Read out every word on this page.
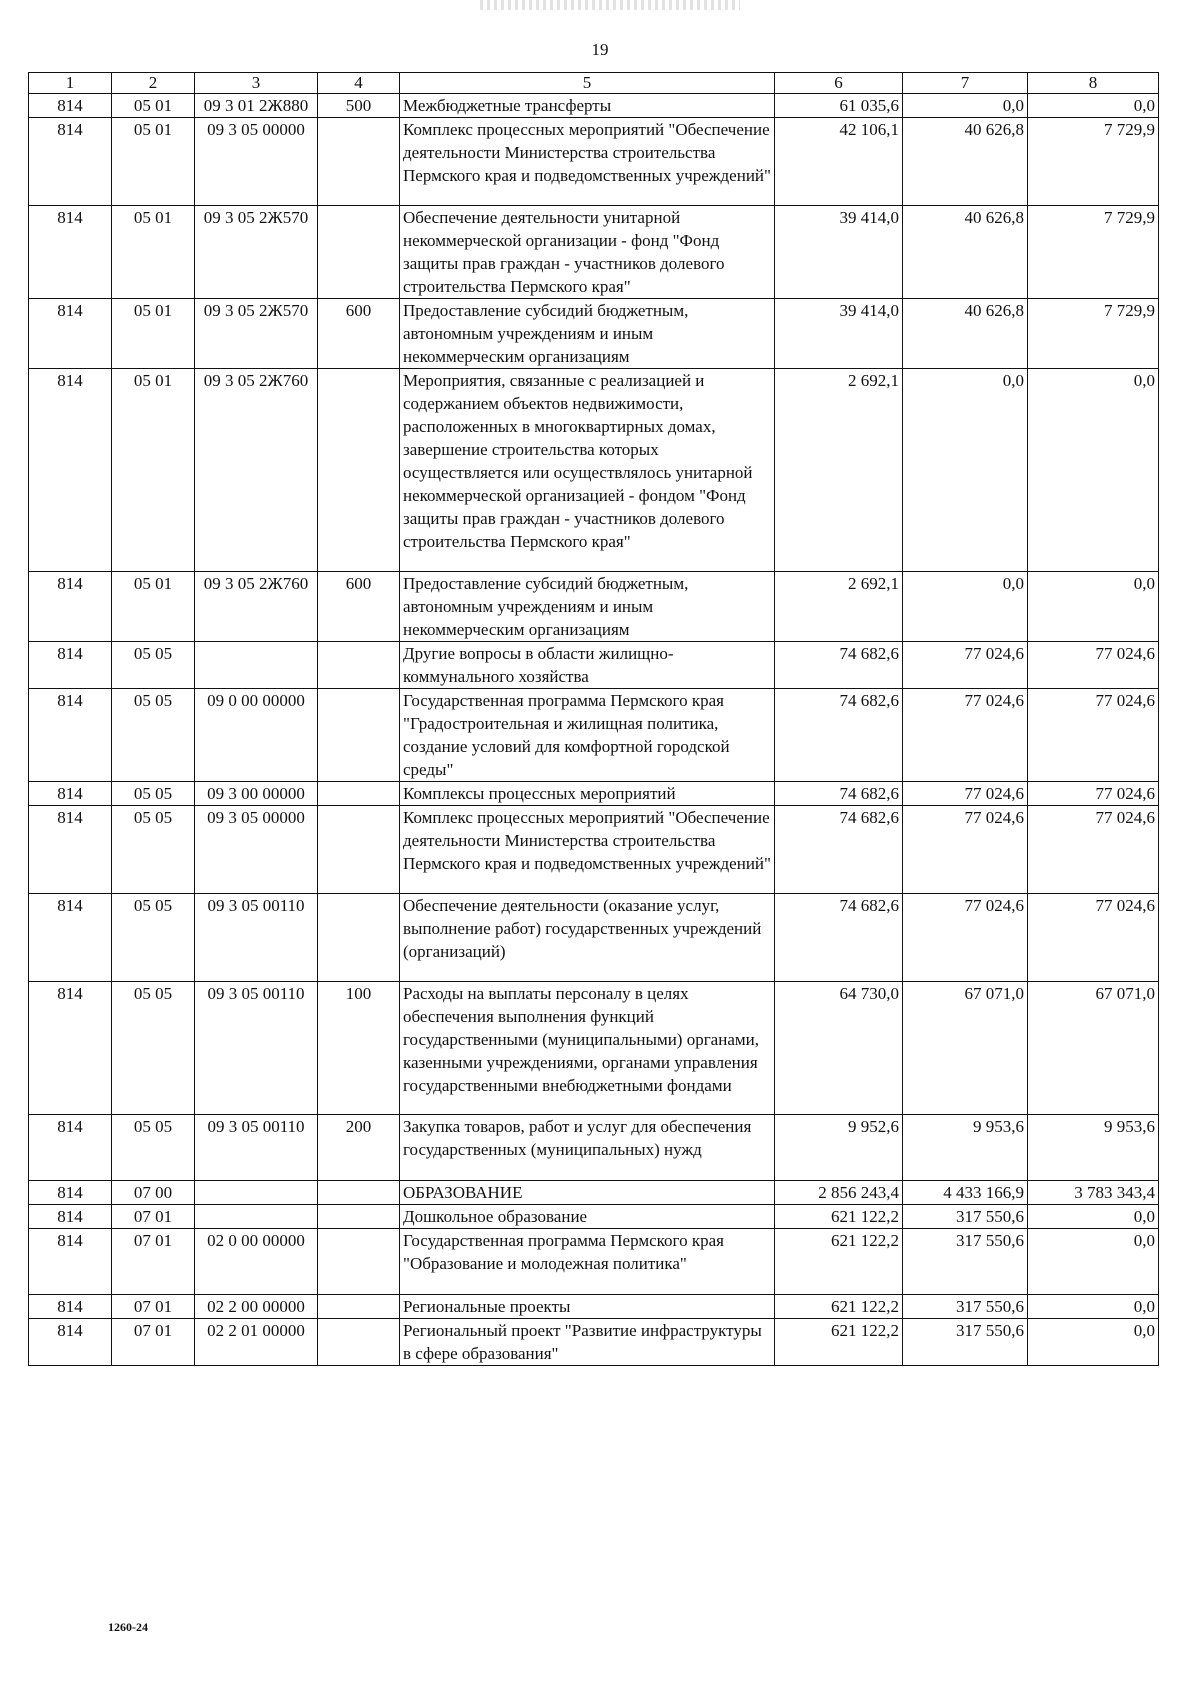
19
1	2	3	4	5	6	7	8
814	05 01	09 3 01 2Ж880	500	Межбюджетные трансферты	61 035,6	0,0	0,0
814	05 01	09 3 05 00000		Комплекс процессных мероприятий "Обеспечение деятельности Министерства строительства Пермского края и подведомственных учреждений"	42 106,1	40 626,8	7 729,9
814	05 01	09 3 05 2Ж570		Обеспечение деятельности унитарной некоммерческой организации - фонд "Фонд защиты прав граждан - участников долевого строительства Пермского края"	39 414,0	40 626,8	7 729,9
814	05 01	09 3 05 2Ж570	600	Предоставление субсидий бюджетным, автономным учреждениям и иным некоммерческим организациям	39 414,0	40 626,8	7 729,9
814	05 01	09 3 05 2Ж760		Мероприятия, связанные с реализацией и содержанием объектов недвижимости, расположенных в многоквартирных домах, завершение строительства которых осуществляется или осуществлялось унитарной некоммерческой организацией - фондом "Фонд защиты прав граждан - участников долевого строительства Пермского края"	2 692,1	0,0	0,0
814	05 01	09 3 05 2Ж760	600	Предоставление субсидий бюджетным, автономным учреждениям и иным некоммерческим организациям	2 692,1	0,0	0,0
814	05 05			Другие вопросы в области жилищно-коммунального хозяйства	74 682,6	77 024,6	77 024,6
814	05 05	09 0 00 00000		Государственная программа Пермского края "Градостроительная и жилищная политика, создание условий для комфортной городской среды"	74 682,6	77 024,6	77 024,6
814	05 05	09 3 00 00000		Комплексы процессных мероприятий	74 682,6	77 024,6	77 024,6
814	05 05	09 3 05 00000		Комплекс процессных мероприятий "Обеспечение деятельности Министерства строительства Пермского края и подведомственных учреждений"	74 682,6	77 024,6	77 024,6
814	05 05	09 3 05 00110		Обеспечение деятельности (оказание услуг, выполнение работ) государственных учреждений (организаций)	74 682,6	77 024,6	77 024,6
814	05 05	09 3 05 00110	100	Расходы на выплаты персоналу в целях обеспечения выполнения функций государственными (муниципальными) органами, казенными учреждениями, органами управления государственными внебюджетными фондами	64 730,0	67 071,0	67 071,0
814	05 05	09 3 05 00110	200	Закупка товаров, работ и услуг для обеспечения государственных (муниципальных) нужд	9 952,6	9 953,6	9 953,6
814	07 00			ОБРАЗОВАНИЕ	2 856 243,4	4 433 166,9	3 783 343,4
814	07 01			Дошкольное образование	621 122,2	317 550,6	0,0
814	07 01	02 0 00 00000		Государственная программа Пермского края "Образование и молодежная политика"	621 122,2	317 550,6	0,0
814	07 01	02 2 00 00000		Региональные проекты	621 122,2	317 550,6	0,0
814	07 01	02 2 01 00000		Региональный проект "Развитие инфраструктуры в сфере образования"	621 122,2	317 550,6	0,0
1260-24
